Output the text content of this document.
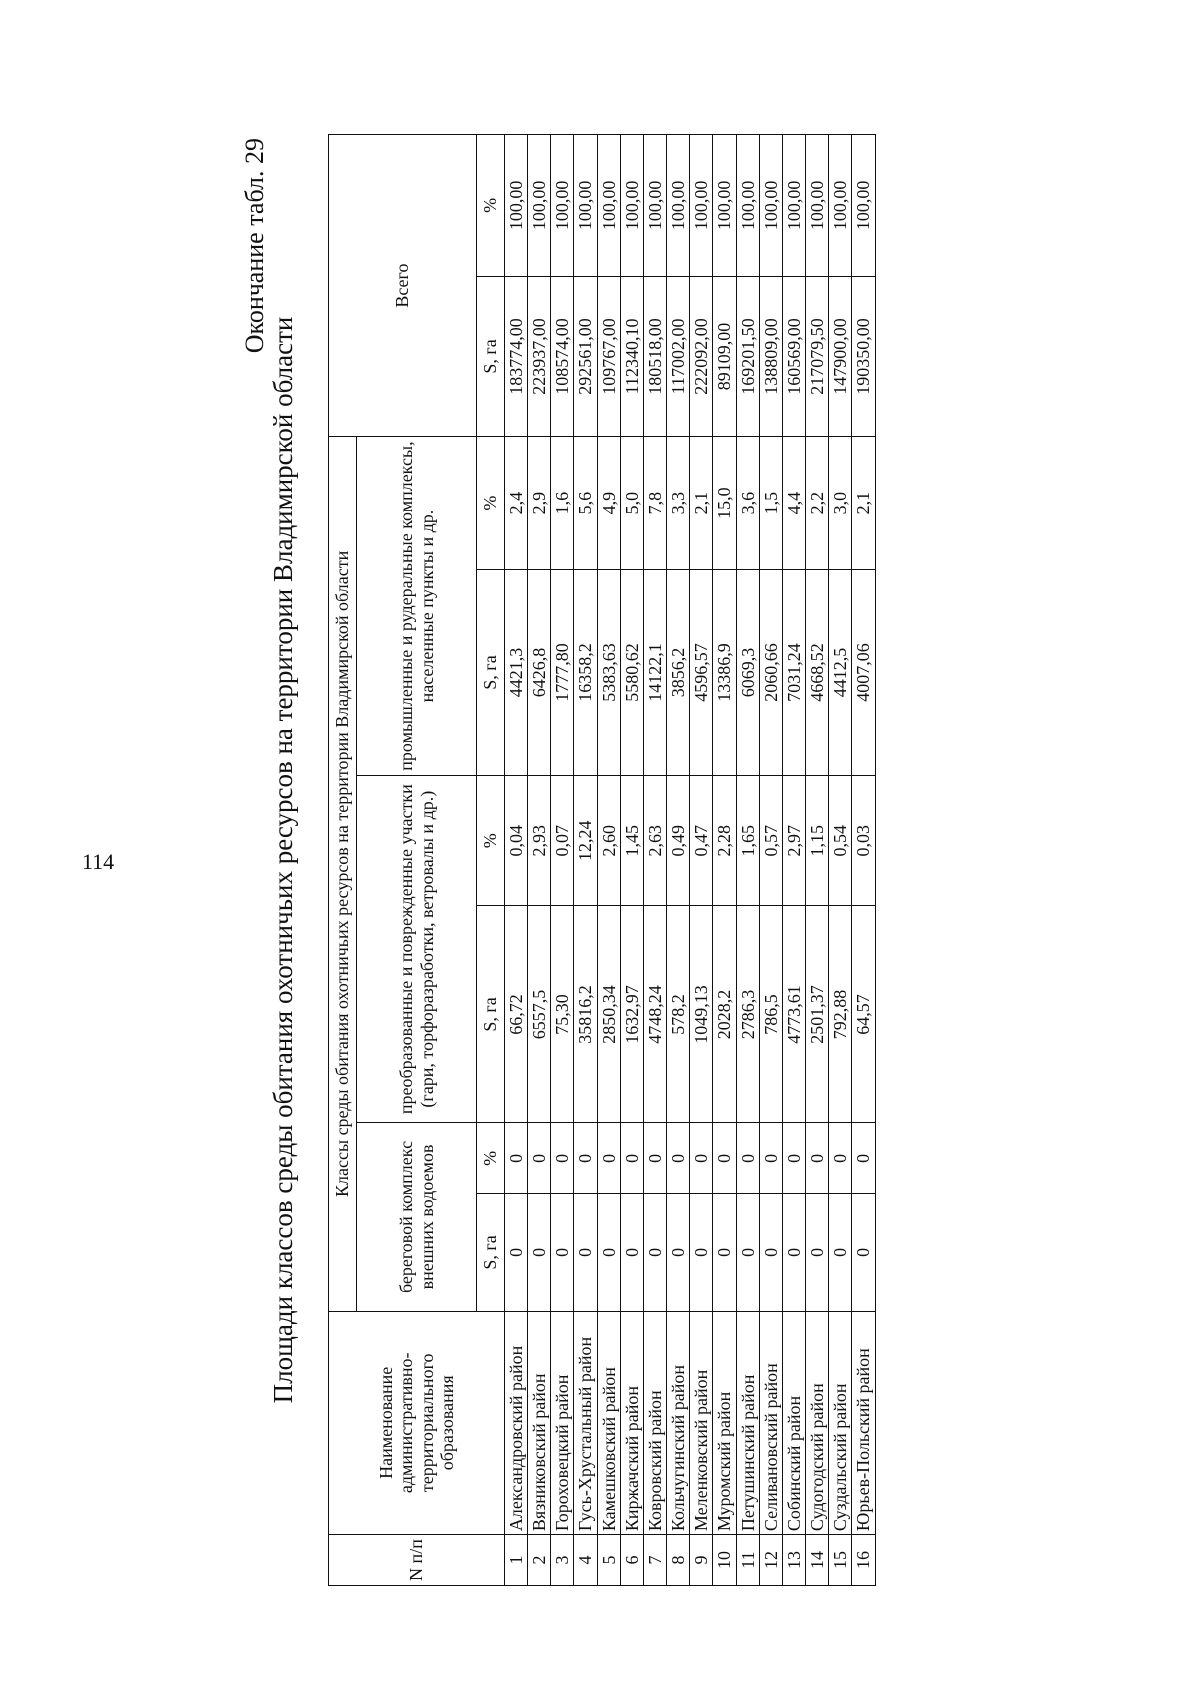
114
Окончание табл. 29
Площади классов среды обитания охотничьих ресурсов на территории Владимирской области
N п/п	Наименование административно-территориального образования	Классы среды обитания охотничьих ресурсов на территории Владимирской области						Всего	
		береговой комплекс внешних водоемов		преобразованные и поврежденные участки (гари, торфоразработки, ветровалы и др.)		промышленные и рудеральные комплексы, населенные пункты и др.			
		S, га	%	S, га	%	S, га	%	S, га	%
1	Александровский район	0	0	66,72	0,04	4421,3	2,4	183774,00	100,00
2	Вязниковский район	0	0	6557,5	2,93	6426,8	2,9	223937,00	100,00
3	Гороховецкий район	0	0	75,30	0,07	1777,80	1,6	108574,00	100,00
4	Гусь-Хрустальный район	0	0	35816,2	12,24	16358,2	5,6	292561,00	100,00
5	Камешковский район	0	0	2850,34	2,60	5383,63	4,9	109767,00	100,00
6	Киржачский район	0	0	1632,97	1,45	5580,62	5,0	112340,10	100,00
7	Ковровский район	0	0	4748,24	2,63	14122,1	7,8	180518,00	100,00
8	Кольчугинский район	0	0	578,2	0,49	3856,2	3,3	117002,00	100,00
9	Меленковский район	0	0	1049,13	0,47	4596,57	2,1	222092,00	100,00
10	Муромский район	0	0	2028,2	2,28	13386,9	15,0	89109,00	100,00
11	Петушинский район	0	0	2786,3	1,65	6069,3	3,6	169201,50	100,00
12	Селивановский район	0	0	786,5	0,57	2060,66	1,5	138809,00	100,00
13	Собинский район	0	0	4773,61	2,97	7031,24	4,4	160569,00	100,00
14	Судогодский район	0	0	2501,37	1,15	4668,52	2,2	217079,50	100,00
15	Суздальский район	0	0	792,88	0,54	4412,5	3,0	147900,00	100,00
16	Юрьев-Польский район	0	0	64,57	0,03	4007,06	2,1	190350,00	100,00
